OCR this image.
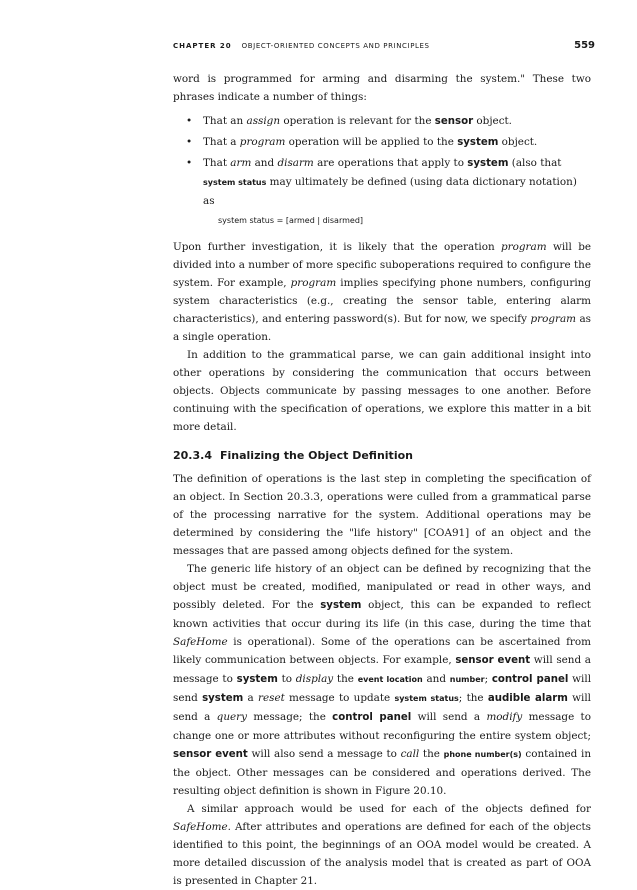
CHAPTER 20 OBJECT-ORIENTED CONCEPTS AND PRINCIPLES	559

word is programmed for arming and disarming the system." These two phrases indicate a number of things:

• That an assign operation is relevant for the sensor object.
• That a program operation will be applied to the system object.
• That arm and disarm are operations that apply to system (also that system status may ultimately be defined (using data dictionary notation) as
system status = [armed | disarmed]

Upon further investigation, it is likely that the operation program will be divided into a number of more specific suboperations required to configure the system. For example, program implies specifying phone numbers, configuring system characteristics (e.g., creating the sensor table, entering alarm characteristics), and entering password(s). But for now, we specify program as a single operation.

In addition to the grammatical parse, we can gain additional insight into other operations by considering the communication that occurs between objects. Objects communicate by passing messages to one another. Before continuing with the specification of operations, we explore this matter in a bit more detail.

20.3.4 Finalizing the Object Definition

The definition of operations is the last step in completing the specification of an object. In Section 20.3.3, operations were culled from a grammatical parse of the processing narrative for the system. Additional operations may be determined by considering the "life history" [COA91] of an object and the messages that are passed among objects defined for the system.

The generic life history of an object can be defined by recognizing that the object must be created, modified, manipulated or read in other ways, and possibly deleted. For the system object, this can be expanded to reflect known activities that occur during its life (in this case, during the time that SafeHome is operational). Some of the operations can be ascertained from likely communication between objects. For example, sensor event will send a message to system to display the event location and number; control panel will send system a reset message to update system status; the audible alarm will send a query message; the control panel will send a modify message to change one or more attributes without reconfiguring the entire system object; sensor event will also send a message to call the phone number(s) contained in the object. Other messages can be considered and operations derived. The resulting object definition is shown in Figure 20.10.

A similar approach would be used for each of the objects defined for SafeHome. After attributes and operations are defined for each of the objects identified to this point, the beginnings of an OOA model would be created. A more detailed discussion of the analysis model that is created as part of OOA is presented in Chapter 21.
